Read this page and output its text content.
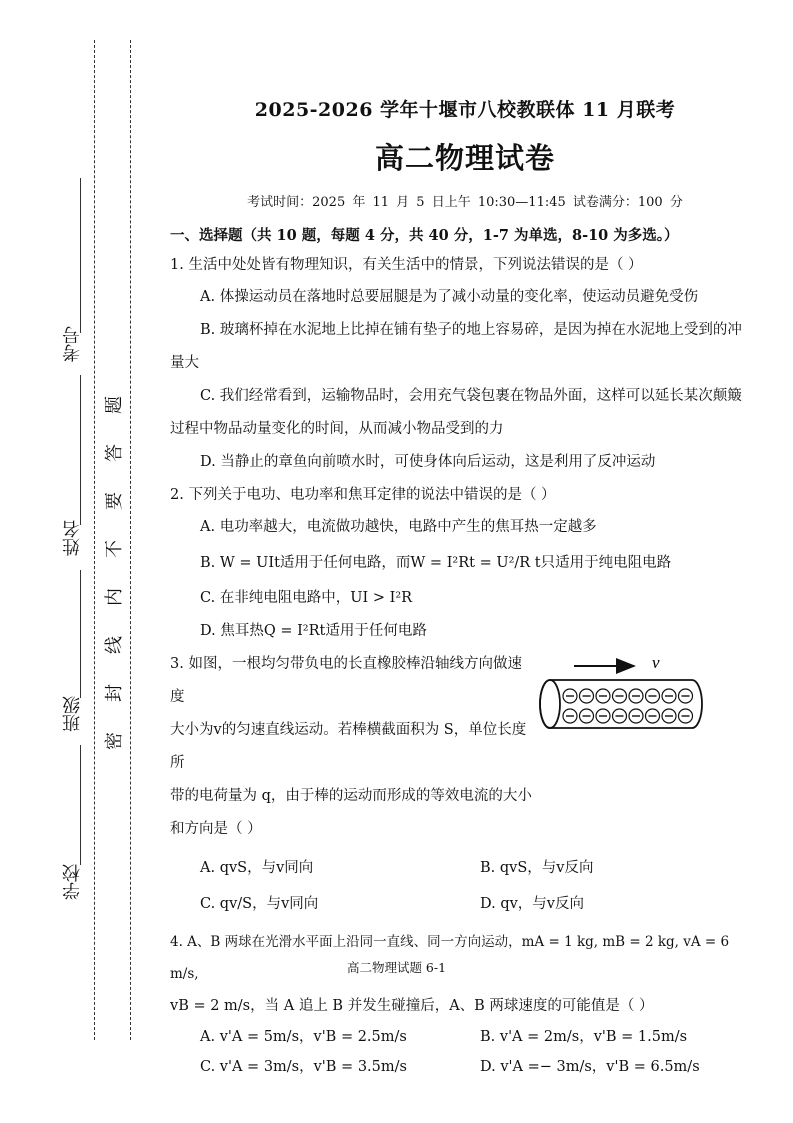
考号
姓名
班级
学校
密
封
线
内
不
要
答
题

2025-2026 学年十堰市八校教联体 11 月联考

高二物理试卷

考试时间：2025 年 11 月 5 日上午 10:30—11:45 试卷满分：100 分

一、选择题（共 10 题，每题 4 分，共 40 分，1-7 为单选，8-10 为多选。）

1. 生活中处处皆有物理知识，有关生活中的情景，下列说法错误的是（ ）

A. 体操运动员在落地时总要屈腿是为了减小动量的变化率，使运动员避免受伤

B. 玻璃杯掉在水泥地上比掉在铺有垫子的地上容易碎，是因为掉在水泥地上受到的冲

量大

C. 我们经常看到，运输物品时，会用充气袋包裹在物品外面，这样可以延长某次颠簸

过程中物品动量变化的时间，从而减小物品受到的力

D. 当静止的章鱼向前喷水时，可使身体向后运动，这是利用了反冲运动

2. 下列关于电功、电功率和焦耳定律的说法中错误的是（ ）

A. 电功率越大，电流做功越快，电路中产生的焦耳热一定越多

B. W = UIt适用于任何电路，而W = I²Rt = U²/R t只适用于纯电阻电路

C. 在非纯电阻电路中，UI > I²R

D. 焦耳热Q = I²Rt适用于任何电路

3. 如图，一根均匀带负电的长直橡胶棒沿轴线方向做速度

大小为v的匀速直线运动。若棒横截面积为 S，单位长度所

带的电荷量为 q，由于棒的运动而形成的等效电流的大小

和方向是（ ）

v
A. qvS，与v同向	B. qvS，与v反向
C. qv/S，与v同向	D. qv，与v反向

4. A、B 两球在光滑水平面上沿同一直线、同一方向运动，mA = 1 kg, mB = 2 kg, vA = 6 m/s,

vB = 2 m/s，当 A 追上 B 并发生碰撞后，A、B 两球速度的可能值是（ ）

A. v'A = 5m/s，v'B = 2.5m/s	B. v'A = 2m/s，v'B = 1.5m/s
C. v'A = 3m/s，v'B = 3.5m/s	D. v'A =− 3m/s，v'B = 6.5m/s
高二物理试题 6-1
